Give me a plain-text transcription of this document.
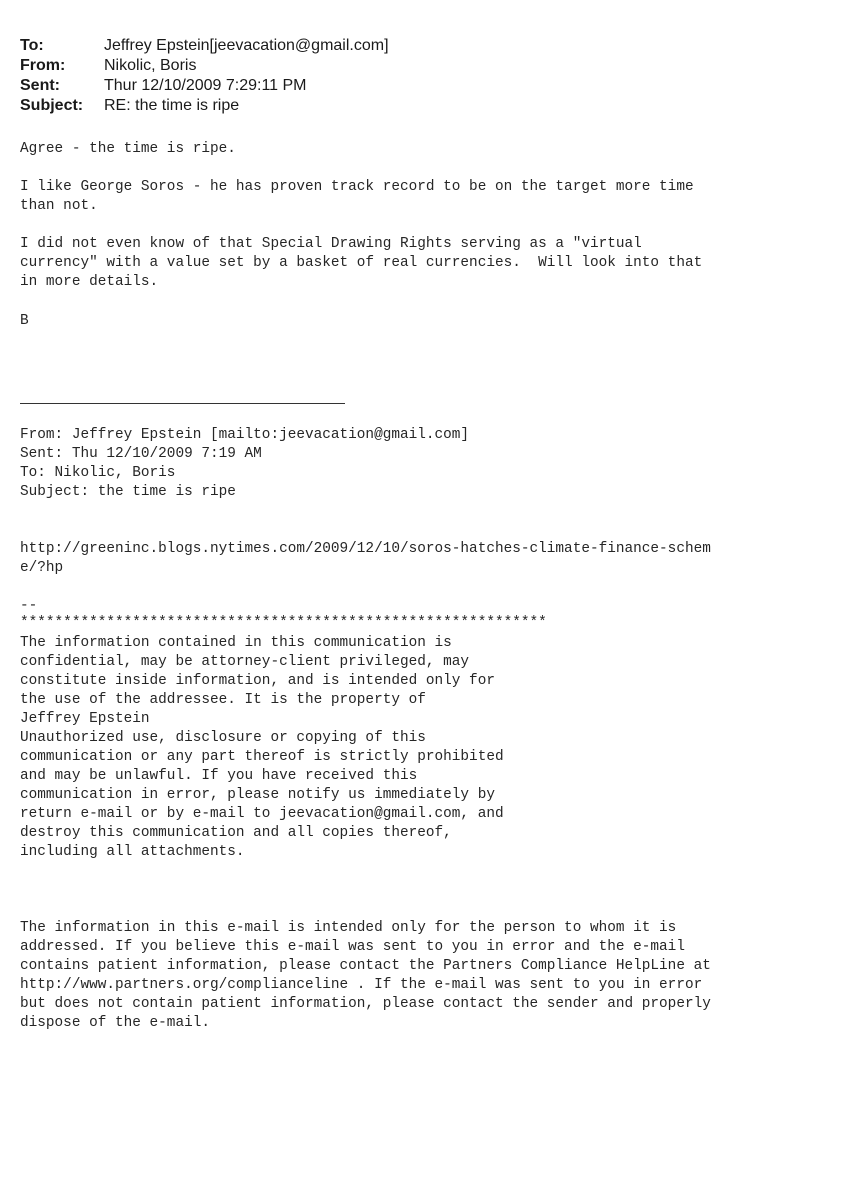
To:	Jeffrey Epstein[jeevacation@gmail.com]
From:	Nikolic, Boris
Sent:	Thur 12/10/2009 7:29:11 PM
Subject:	RE: the time is ripe
Agree - the time is ripe.
I like George Soros - he has proven track record to be on the target more time
than not.
I did not even know of that Special Drawing Rights serving as a "virtual
currency" with a value set by a basket of real currencies.  Will look into that
in more details.
B
From: Jeffrey Epstein [mailto:jeevacation@gmail.com]
Sent: Thu 12/10/2009 7:19 AM
To: Nikolic, Boris
Subject: the time is ripe
http://greeninc.blogs.nytimes.com/2009/12/10/soros-hatches-climate-finance-schem
e/?hp
--
*************************************************************
The information contained in this communication is
confidential, may be attorney-client privileged, may
constitute inside information, and is intended only for
the use of the addressee. It is the property of
Jeffrey Epstein
Unauthorized use, disclosure or copying of this
communication or any part thereof is strictly prohibited
and may be unlawful. If you have received this
communication in error, please notify us immediately by
return e-mail or by e-mail to jeevacation@gmail.com, and
destroy this communication and all copies thereof,
including all attachments.
The information in this e-mail is intended only for the person to whom it is
addressed. If you believe this e-mail was sent to you in error and the e-mail
contains patient information, please contact the Partners Compliance HelpLine at
http://www.partners.org/complianceline . If the e-mail was sent to you in error
but does not contain patient information, please contact the sender and properly
dispose of the e-mail.
